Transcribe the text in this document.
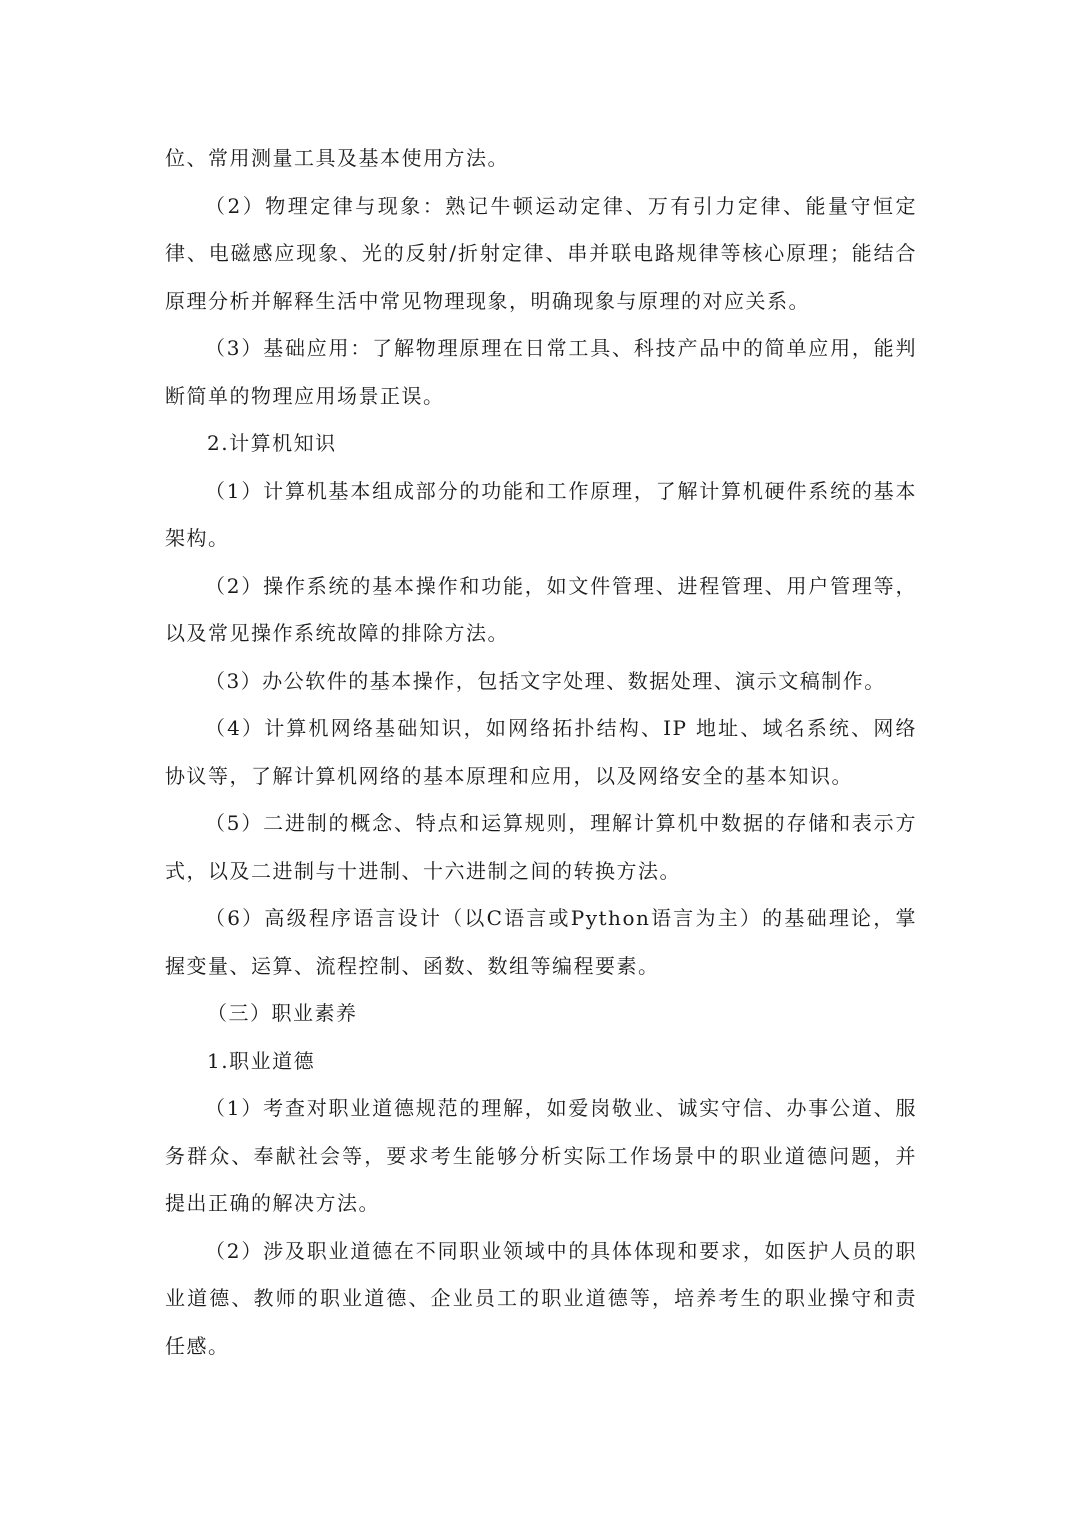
位、常用测量工具及基本使用方法。

（2）物理定律与现象：熟记牛顿运动定律、万有引力定律、能量守恒定律、电磁感应现象、光的反射/折射定律、串并联电路规律等核心原理；能结合原理分析并解释生活中常见物理现象，明确现象与原理的对应关系。

（3）基础应用：了解物理原理在日常工具、科技产品中的简单应用，能判断简单的物理应用场景正误。

2.计算机知识

（1）计算机基本组成部分的功能和工作原理，了解计算机硬件系统的基本架构。

（2）操作系统的基本操作和功能，如文件管理、进程管理、用户管理等，以及常见操作系统故障的排除方法。

（3）办公软件的基本操作，包括文字处理、数据处理、演示文稿制作。

（4）计算机网络基础知识，如网络拓扑结构、IP 地址、域名系统、网络协议等，了解计算机网络的基本原理和应用，以及网络安全的基本知识。

（5）二进制的概念、特点和运算规则，理解计算机中数据的存储和表示方式，以及二进制与十进制、十六进制之间的转换方法。

（6）高级程序语言设计（以C语言或Python语言为主）的基础理论，掌握变量、运算、流程控制、函数、数组等编程要素。

（三）职业素养

1.职业道德

（1）考查对职业道德规范的理解，如爱岗敬业、诚实守信、办事公道、服务群众、奉献社会等，要求考生能够分析实际工作场景中的职业道德问题，并提出正确的解决方法。

（2）涉及职业道德在不同职业领域中的具体体现和要求，如医护人员的职业道德、教师的职业道德、企业员工的职业道德等，培养考生的职业操守和责任感。
